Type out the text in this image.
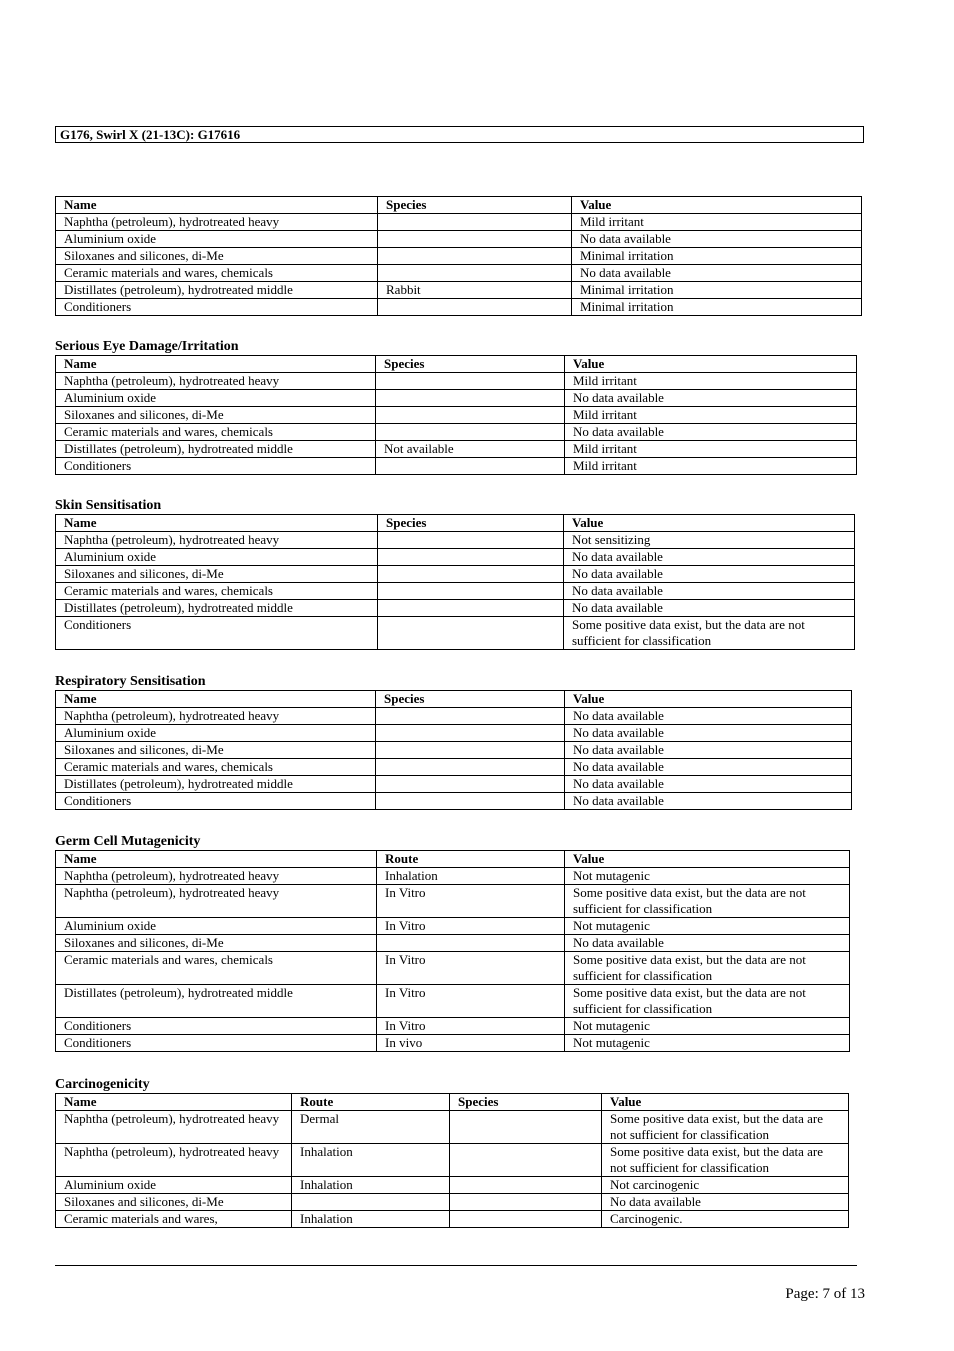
G176, Swirl X (21-13C): G17616
Name	Species	Value
Naphtha (petroleum), hydrotreated heavy		Mild irritant
Aluminium oxide		No data available
Siloxanes and silicones, di-Me		Minimal irritation
Ceramic materials and wares, chemicals		No data available
Distillates (petroleum), hydrotreated middle	Rabbit	Minimal irritation
Conditioners		Minimal irritation
Serious Eye Damage/Irritation
Name	Species	Value
Naphtha (petroleum), hydrotreated heavy		Mild irritant
Aluminium oxide		No data available
Siloxanes and silicones, di-Me		Mild irritant
Ceramic materials and wares, chemicals		No data available
Distillates (petroleum), hydrotreated middle	Not available	Mild irritant
Conditioners		Mild irritant
Skin Sensitisation
Name	Species	Value
Naphtha (petroleum), hydrotreated heavy		Not sensitizing
Aluminium oxide		No data available
Siloxanes and silicones, di-Me		No data available
Ceramic materials and wares, chemicals		No data available
Distillates (petroleum), hydrotreated middle		No data available
Conditioners		Some positive data exist, but the data are not sufficient for classification
Respiratory Sensitisation
Name	Species	Value
Naphtha (petroleum), hydrotreated heavy		No data available
Aluminium oxide		No data available
Siloxanes and silicones, di-Me		No data available
Ceramic materials and wares, chemicals		No data available
Distillates (petroleum), hydrotreated middle		No data available
Conditioners		No data available
Germ Cell Mutagenicity
Name	Route	Value
Naphtha (petroleum), hydrotreated heavy	Inhalation	Not mutagenic
Naphtha (petroleum), hydrotreated heavy	In Vitro	Some positive data exist, but the data are not sufficient for classification
Aluminium oxide	In Vitro	Not mutagenic
Siloxanes and silicones, di-Me		No data available
Ceramic materials and wares, chemicals	In Vitro	Some positive data exist, but the data are not sufficient for classification
Distillates (petroleum), hydrotreated middle	In Vitro	Some positive data exist, but the data are not sufficient for classification
Conditioners	In Vitro	Not mutagenic
Conditioners	In vivo	Not mutagenic
Carcinogenicity
Name	Route	Species	Value
Naphtha (petroleum), hydrotreated heavy	Dermal		Some positive data exist, but the data are not sufficient for classification
Naphtha (petroleum), hydrotreated heavy	Inhalation		Some positive data exist, but the data are not sufficient for classification
Aluminium oxide	Inhalation		Not carcinogenic
Siloxanes and silicones, di-Me			No data available
Ceramic materials and wares,	Inhalation		Carcinogenic.
Page: 7 of 13
